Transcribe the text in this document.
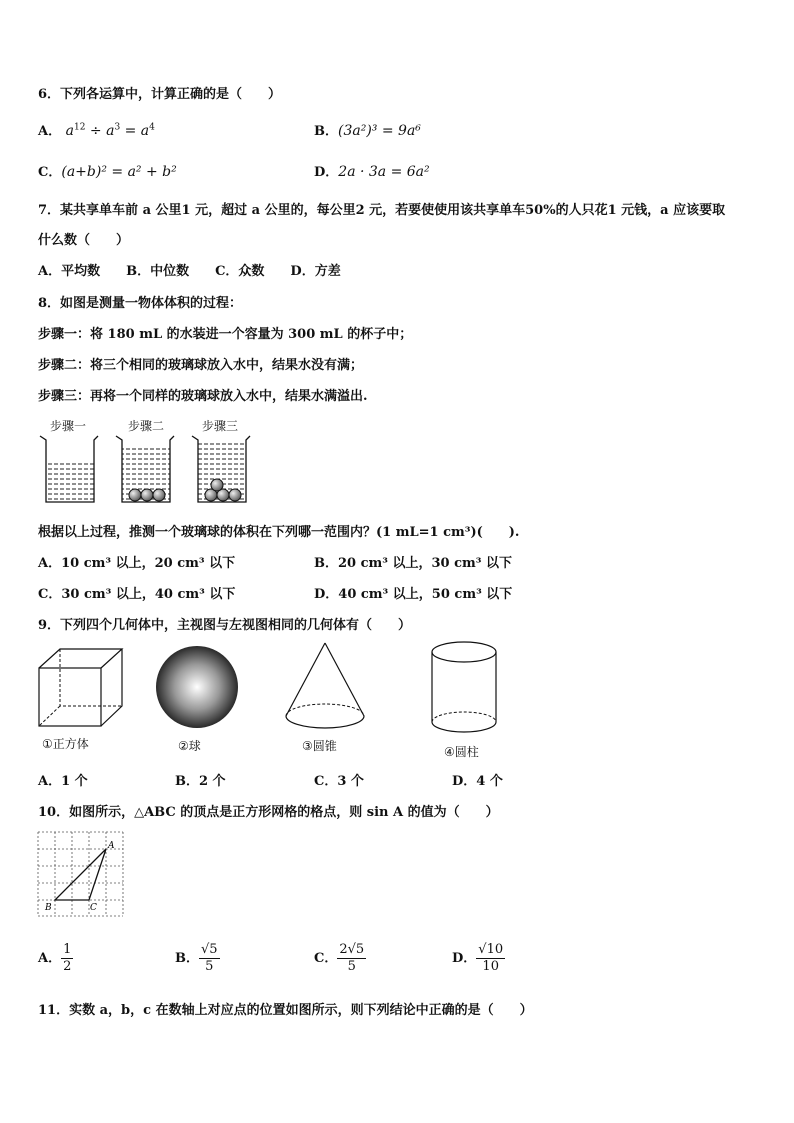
6．下列各运算中，计算正确的是（　　）
A． $a^{12} \div a^3 = a^4$	B．(3a²)³ = 9a⁶
C．(a+b)² = a² + b²	D．2a · 3a = 6a²
7．某共享单车前 a 公里1 元，超过 a 公里的，每公里2 元，若要使使用该共享单车50%的人只花1 元钱，a 应该要取
什么数（　　）
A．平均数　　B．中位数　　C．众数　　D．方差
8．如图是测量一物体体积的过程：
步骤一：将 180 mL 的水装进一个容量为 300 mL 的杯子中；
步骤二：将三个相同的玻璃球放入水中，结果水没有满；
步骤三：再将一个同样的玻璃球放入水中，结果水满溢出.
步骤一	步骤二	步骤三
根据以上过程，推测一个玻璃球的体积在下列哪一范围内？(1 mL=1 cm³)(　　).
A．10 cm³ 以上，20 cm³ 以下	B．20 cm³ 以上，30 cm³ 以下
C．30 cm³ 以上，40 cm³ 以下	D．40 cm³ 以上，50 cm³ 以下
9．下列四个几何体中，主视图与左视图相同的几何体有（　　）
①正方体	②球	③圆锥	④圆柱
A．1 个	B．2 个	C．3 个	D．4 个
10．如图所示，△ABC 的顶点是正方形网格的格点，则 sin A 的值为（　　）
A
B	C
A． $\frac{1}{2}$	B． $\frac{√5}{5}$	C． $\frac{2√5}{5}$	D． $\frac{√10}{10}$
11．实数 a，b，c 在数轴上对应点的位置如图所示，则下列结论中正确的是（　　）
